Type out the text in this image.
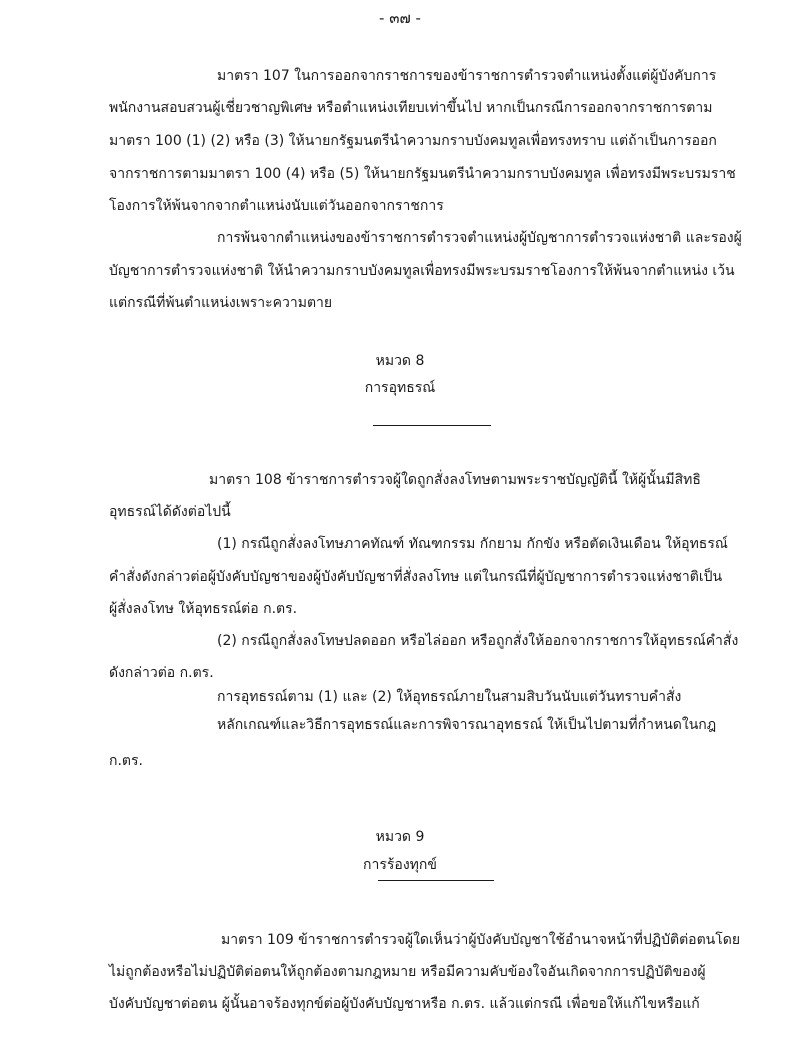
- ๓๗ -
มาตรา 107 ในการออกจากราชการของข้าราชการตำรวจตำแหน่งตั้งแต่ผู้บังคับการ
พนักงานสอบสวนผู้เชี่ยวชาญพิเศษ หรือตำแหน่งเทียบเท่าขึ้นไป หากเป็นกรณีการออกจากราชการตาม
มาตรา 100 (1) (2) หรือ (3) ให้นายกรัฐมนตรีนำความกราบบังคมทูลเพื่อทรงทราบ แต่ถ้าเป็นการออก
จากราชการตามมาตรา 100 (4) หรือ (5) ให้นายกรัฐมนตรีนำความกราบบังคมทูล เพื่อทรงมีพระบรมราช
โองการให้พ้นจากจากตำแหน่งนับแต่วันออกจากราชการ
การพ้นจากตำแหน่งของข้าราชการตำรวจตำแหน่งผู้บัญชาการตำรวจแห่งชาติ และรองผู้
บัญชาการตำรวจแห่งชาติ ให้นำความกราบบังคมทูลเพื่อทรงมีพระบรมราชโองการให้พ้นจากตำแหน่ง เว้น
แต่กรณีที่พ้นตำแหน่งเพราะความตาย
หมวด 8
การอุทธรณ์
มาตรา 108 ข้าราชการตำรวจผู้ใดถูกสั่งลงโทษตามพระราชบัญญัตินี้ ให้ผู้นั้นมีสิทธิ
อุทธรณ์ได้ดังต่อไปนี้
(1) กรณีถูกสั่งลงโทษภาคทัณฑ์ ทัณฑกรรม กักยาม กักขัง หรือตัดเงินเดือน ให้อุทธรณ์
คำสั่งดังกล่าวต่อผู้บังคับบัญชาของผู้บังคับบัญชาที่สั่งลงโทษ แต่ในกรณีที่ผู้บัญชาการตำรวจแห่งชาติเป็น
ผู้สั่งลงโทษ ให้อุทธรณ์ต่อ ก.ตร.
(2) กรณีถูกสั่งลงโทษปลดออก หรือไล่ออก หรือถูกสั่งให้ออกจากราชการให้อุทธรณ์คำสั่ง
ดังกล่าวต่อ ก.ตร.
การอุทธรณ์ตาม (1) และ (2) ให้อุทธรณ์ภายในสามสิบวันนับแต่วันทราบคำสั่ง
หลักเกณฑ์และวิธีการอุทธรณ์และการพิจารณาอุทธรณ์ ให้เป็นไปตามที่กำหนดในกฎ
ก.ตร.
หมวด 9
การร้องทุกข์
มาตรา 109 ข้าราชการตำรวจผู้ใดเห็นว่าผู้บังคับบัญชาใช้อำนาจหน้าที่ปฏิบัติต่อตนโดย
ไม่ถูกต้องหรือไม่ปฏิบัติต่อตนให้ถูกต้องตามกฎหมาย หรือมีความคับข้องใจอันเกิดจากการปฏิบัติของผู้
บังคับบัญชาต่อตน ผู้นั้นอาจร้องทุกข์ต่อผู้บังคับบัญชาหรือ ก.ตร. แล้วแต่กรณี เพื่อขอให้แก้ไขหรือแก้
